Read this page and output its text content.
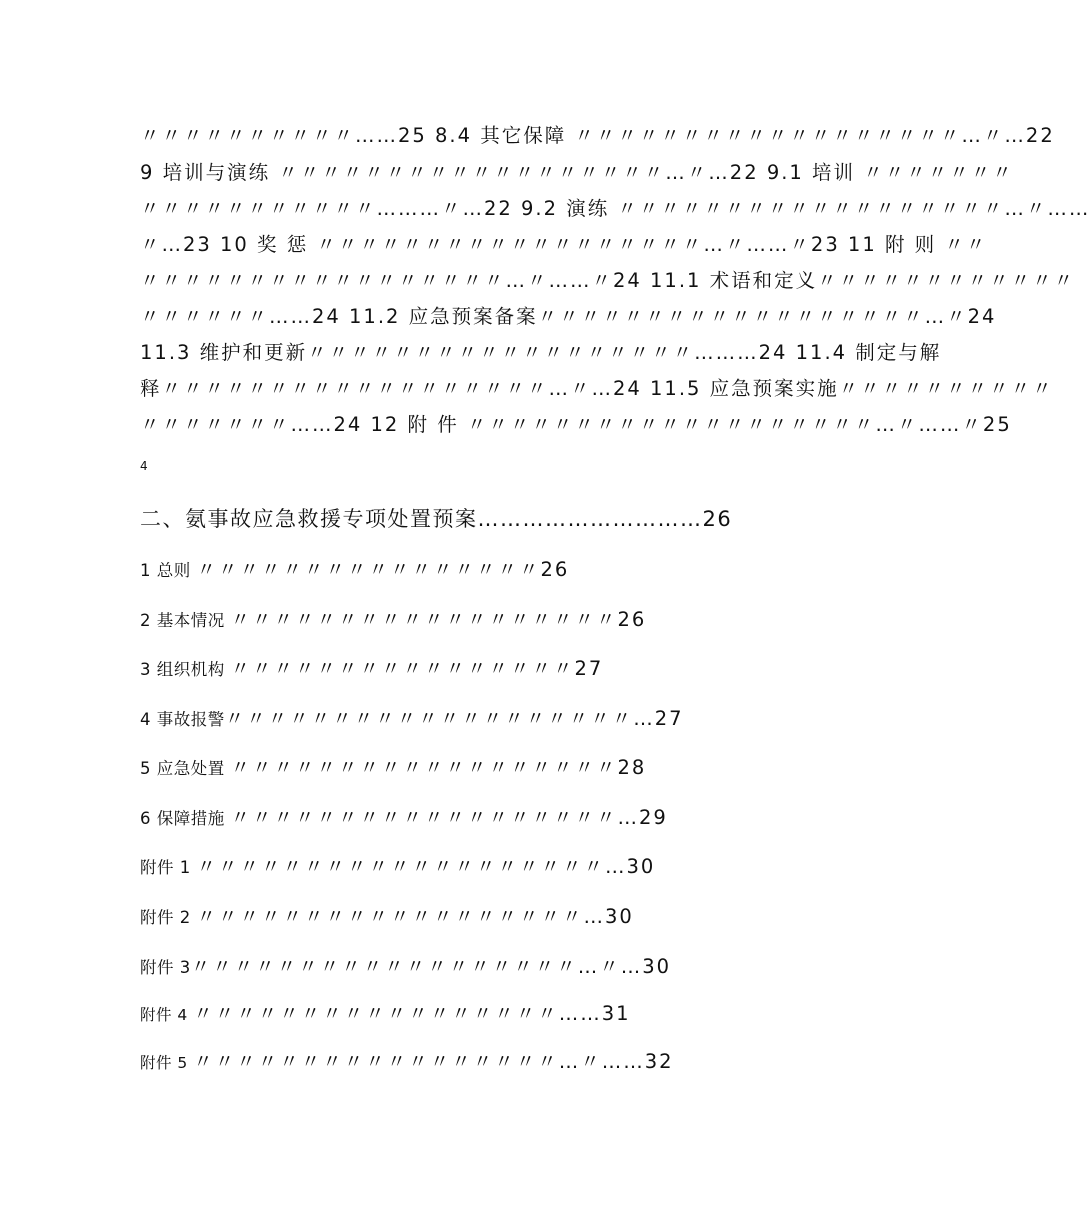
〃〃〃〃〃〃〃〃〃〃……25 8.4 其它保障 〃〃〃〃〃〃〃〃〃〃〃〃〃〃〃〃〃〃…〃…22
9 培训与演练 〃〃〃〃〃〃〃〃〃〃〃〃〃〃〃〃〃〃…〃…22 9.1 培训 〃〃〃〃〃〃〃
〃〃〃〃〃〃〃〃〃〃〃………〃…22 9.2 演练 〃〃〃〃〃〃〃〃〃〃〃〃〃〃〃〃〃〃…〃……
〃…23 10 奖 惩 〃〃〃〃〃〃〃〃〃〃〃〃〃〃〃〃〃〃…〃……〃23 11 附 则 〃〃
〃〃〃〃〃〃〃〃〃〃〃〃〃〃〃〃〃…〃……〃24 11.1 术语和定义〃〃〃〃〃〃〃〃〃〃〃〃
〃〃〃〃〃〃……24 11.2 应急预案备案〃〃〃〃〃〃〃〃〃〃〃〃〃〃〃〃〃〃…〃24
11.3 维护和更新〃〃〃〃〃〃〃〃〃〃〃〃〃〃〃〃〃〃………24 11.4 制定与解
释〃〃〃〃〃〃〃〃〃〃〃〃〃〃〃〃〃〃…〃…24 11.5 应急预案实施〃〃〃〃〃〃〃〃〃〃
〃〃〃〃〃〃〃……24 12 附 件 〃〃〃〃〃〃〃〃〃〃〃〃〃〃〃〃〃〃〃…〃……〃25
4
二、氨事故应急救援专项处置预案…………………………26
1 总则 〃〃〃〃〃〃〃〃〃〃〃〃〃〃〃〃26
2 基本情况 〃〃〃〃〃〃〃〃〃〃〃〃〃〃〃〃〃〃26
3 组织机构 〃〃〃〃〃〃〃〃〃〃〃〃〃〃〃〃27
4 事故报警〃〃〃〃〃〃〃〃〃〃〃〃〃〃〃〃〃〃〃…27
5 应急处置 〃〃〃〃〃〃〃〃〃〃〃〃〃〃〃〃〃〃28
6 保障措施 〃〃〃〃〃〃〃〃〃〃〃〃〃〃〃〃〃〃…29
附件 1 〃〃〃〃〃〃〃〃〃〃〃〃〃〃〃〃〃〃〃…30
附件 2 〃〃〃〃〃〃〃〃〃〃〃〃〃〃〃〃〃〃…30
附件 3〃〃〃〃〃〃〃〃〃〃〃〃〃〃〃〃〃〃…〃…30
附件 4 〃〃〃〃〃〃〃〃〃〃〃〃〃〃〃〃〃……31
附件 5 〃〃〃〃〃〃〃〃〃〃〃〃〃〃〃〃〃…〃……32
